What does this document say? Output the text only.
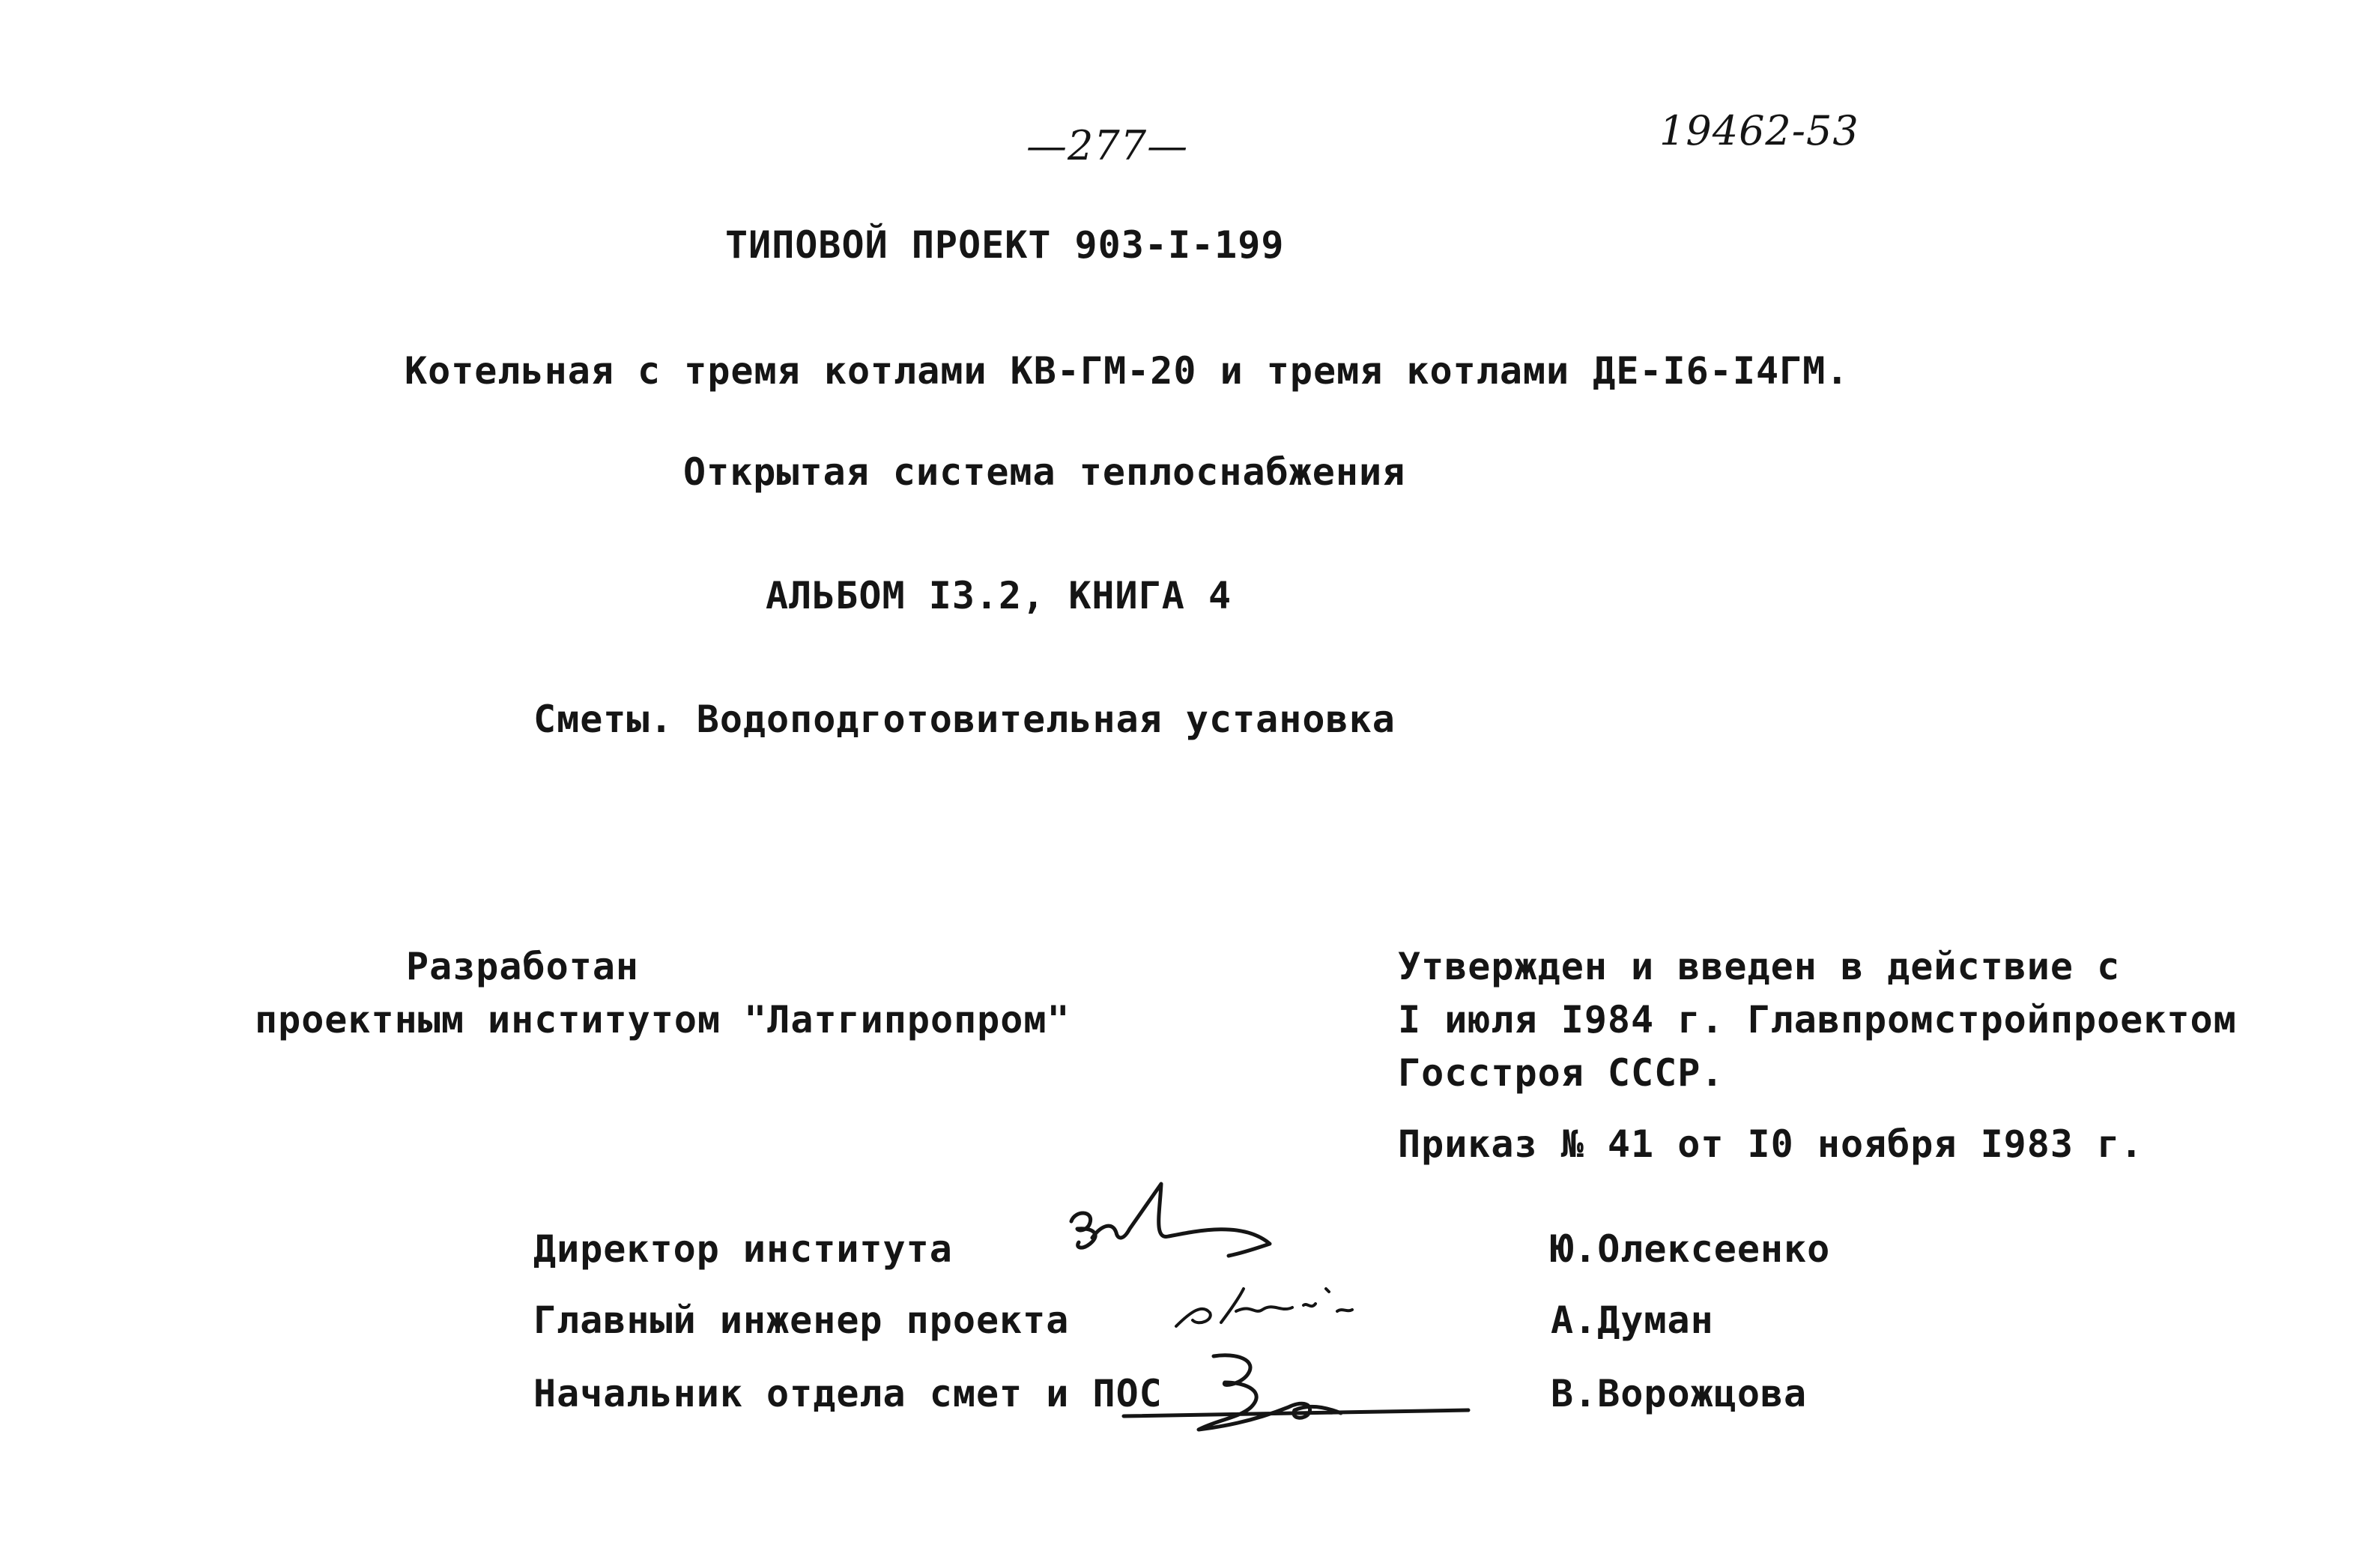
—277—	19462-53
ТИПОВОЙ ПРОЕКТ 903-I-199
Котельная с тремя котлами КВ-ГМ-20 и тремя котлами ДЕ-I6-I4ГМ.
Открытая система теплоснабжения
АЛЬБОМ I3.2, КНИГА 4
Сметы. Водоподготовительная установка
Разработан
проектным институтом "Латгипропром"
Утвержден и введен в действие с
I июля I984 г. Главпромстройпроектом
Госстроя СССР.
Приказ № 41 от I0 ноября I983 г.
Директор института	Ю.Олексеенко
Главный инженер проекта	А.Думан
Начальник отдела смет и ПОС	В.Ворожцова
